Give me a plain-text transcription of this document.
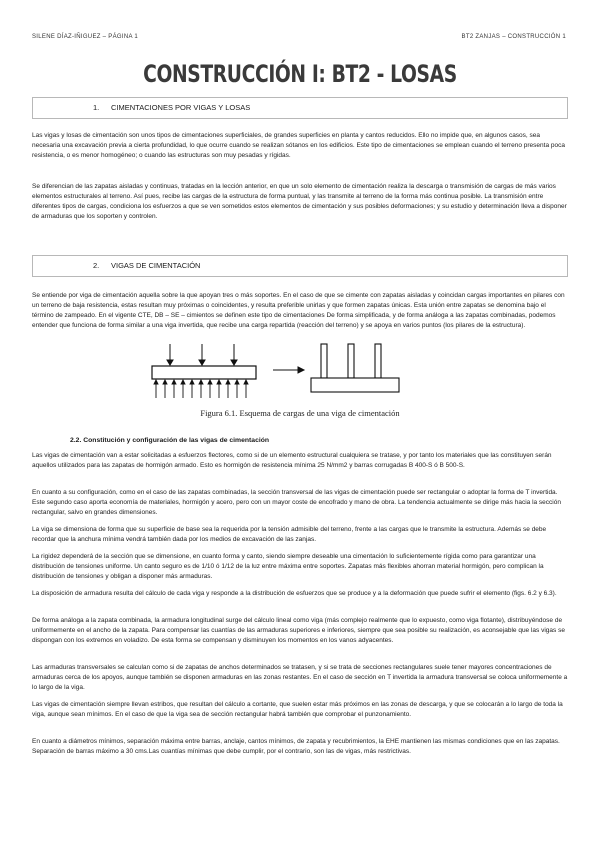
SILENE DÍAZ-IÑIGUEZ – PÁGINA 1	BT2 ZANJAS – CONSTRUCCIÓN 1
CONSTRUCCIÓN I: BT2 - LOSAS
1. CIMENTACIONES POR VIGAS Y LOSAS
Las vigas y losas de cimentación son unos tipos de cimentaciones superficiales, de grandes superficies en planta y cantos reducidos. Ello no impide que, en algunos casos, sea necesaria una excavación previa a cierta profundidad, lo que ocurre cuando se realizan sótanos en los edificios. Este tipo de cimentaciones se emplean cuando el terreno presenta poca resistencia, o es menor homogéneo; o cuando las estructuras son muy pesadas y rígidas.
Se diferencian de las zapatas aisladas y continuas, tratadas en la lección anterior, en que un solo elemento de cimentación realiza la descarga o transmisión de cargas de más varios elementos estructurales al terreno. Así pues, recibe las cargas de la estructura de forma puntual, y las transmite al terreno de la forma más continua posible. La transmisión entre diferentes tipos de cargas, condiciona los esfuerzos a que se ven sometidos estos elementos de cimentación y sus posibles deformaciones; y su estudio y determinación lleva a disponer de armaduras que los soporten y controlen.
2. VIGAS DE CIMENTACIÓN
Se entiende por viga de cimentación aquella sobre la que apoyan tres o más soportes. En el caso de que se cimente con zapatas aisladas y coincidan cargas importantes en pilares con un terreno de baja resistencia, estas resultan muy próximas o coincidentes, y resulta preferible unirlas y que formen zapatas únicas. Esta unión entre zapatas se denomina bajo el término de zampeado. En el vigente CTE, DB – SE – cimientos se definen este tipo de cimentaciones De forma simplificada, y de forma análoga a las zapatas combinadas, podemos entender que funciona de forma similar a una viga invertida, que recibe una carga repartida (reacción del terreno) y se apoya en varios puntos (los pilares de la estructura).
Figura 6.1. Esquema de cargas de una viga de cimentación
2.2. Constitución y configuración de las vigas de cimentación
Las vigas de cimentación van a estar solicitadas a esfuerzos flectores, como si de un elemento estructural cualquiera se tratase, y por tanto los materiales que las constituyen serán aquellos utilizados para las zapatas de hormigón armado. Esto es hormigón de resistencia mínima 25 N/mm2 y barras corrugadas B 400-S ó B 500-S.
En cuanto a su configuración, como en el caso de las zapatas combinadas, la sección transversal de las vigas de cimentación puede ser rectangular o adoptar la forma de T invertida. Este segundo caso aporta economía de materiales, hormigón y acero, pero con un mayor coste de encofrado y mano de obra. La tendencia actualmente se dirige más hacia la sección rectangular, salvo en grandes dimensiones.
La viga se dimensiona de forma que su superficie de base sea la requerida por la tensión admisible del terreno, frente a las cargas que le transmite la estructura. Además se debe recordar que la anchura mínima vendrá también dada por los medios de excavación de las zanjas.
La rigidez dependerá de la sección que se dimensione, en cuanto forma y canto, siendo siempre deseable una cimentación lo suficientemente rígida como para garantizar una distribución de tensiones uniforme. Un canto seguro es de 1/10 ó 1/12 de la luz entre máxima entre soportes. Zapatas más flexibles ahorran material hormigón, pero complican la distribución de tensiones y obligan a disponer más armaduras.
La disposición de armadura resulta del cálculo de cada viga y responde a la distribución de esfuerzos que se produce y a la deformación que puede sufrir el elemento (figs. 6.2 y 6.3).
De forma análoga a la zapata combinada, la armadura longitudinal surge del cálculo lineal como viga (más complejo realmente que lo expuesto, como viga flotante), distribuyéndose de uniformemente en el ancho de la zapata. Para compensar las cuantías de las armaduras superiores e inferiores, siempre que sea posible su realización, es aconsejable que las vigas se dispongan con los extremos en voladizo. De esta forma se compensan y disminuyen los momentos en los vanos adyacentes.
Las armaduras transversales se calculan como si de zapatas de anchos determinados se tratasen, y si se trata de secciones rectangulares suele tener mayores concentraciones de armaduras cerca de los apoyos, aunque también se disponen armaduras en las zonas restantes. En el caso de sección en T invertida la armadura transversal se coloca uniformemente a lo largo de la viga.
Las vigas de cimentación siempre llevan estribos, que resultan del cálculo a cortante, que suelen estar más próximos en las zonas de descarga, y que se colocarán a lo largo de toda la viga, aunque sean mínimos. En el caso de que la viga sea de sección rectangular habrá también que comprobar el punzonamiento.
En cuanto a diámetros mínimos, separación máxima entre barras, anclaje, cantos mínimos, de zapata y recubrimientos, la EHE mantienen las mismas condiciones que en las zapatas. Separación de barras máximo a 30 cms.Las cuantías mínimas que debe cumplir, por el contrario, son las de vigas, más restrictivas.
